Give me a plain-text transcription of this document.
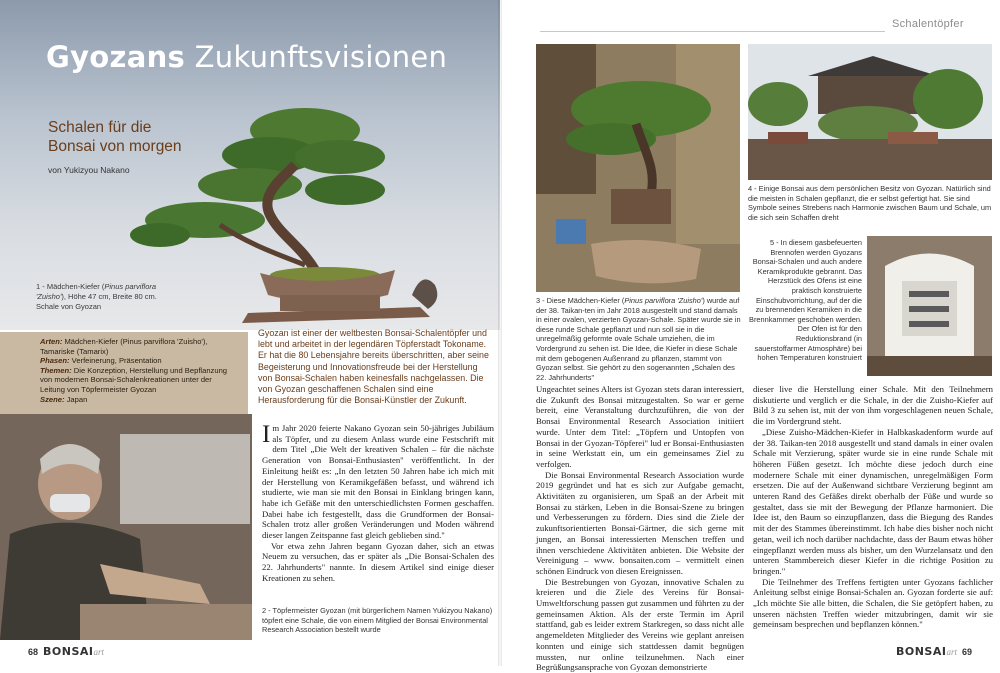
Gyozans Zukunftsvisionen
Schalen für die
Bonsai von morgen
von Yukizyou Nakano
1 - Mädchen-Kiefer (Pinus parviflora 'Zuisho'), Höhe 47 cm, Breite 80 cm. Schale von Gyozan
Arten: Mädchen-Kiefer (Pinus parviflora 'Zuisho'), Tamariske (Tamarix)
Phasen: Verfeinerung, Präsentation
Themen: Die Konzeption, Herstellung und Bepflanzung von modernen Bonsai-Schalenkreationen unter der Leitung von Töpfermeister Gyozan
Szene: Japan
Gyozan ist einer der weltbesten Bonsai-Schalentöpfer und lebt und arbeitet in der legendären Töpferstadt Tokoname. Er hat die 80 Lebensjahre bereits überschritten, aber seine Begeisterung und Innovationsfreude bei der Herstellung von Bonsai-Schalen haben keinesfalls nachgelassen. Die von Gyozan geschaffenen Schalen sind eine Herausforderung für die Bonsai-Künstler der Zukunft.

Im Jahr 2020 feierte Nakano Gyozan sein 50-jähriges Jubiläum als Töpfer, und zu diesem Anlass wurde eine Festschrift mit dem Titel „Die Welt der kreativen Schalen – für die nächste Generation von Bonsai-Enthusiasten" veröffentlicht. In der Einleitung heißt es: „In den letzten 50 Jahren habe ich mich mit der Herstellung von Keramikgefäßen befasst, und während ich studierte, wie man sie mit den Bonsai in Einklang bringen kann, habe ich Gefäße mit den unterschiedlichsten Formen geschaffen. Dabei habe ich festgestellt, dass die Grundformen der Bonsai-Schalen trotz aller großen Veränderungen und Moden während dieser langen Zeitspanne fast gleich geblieben sind."

Vor etwa zehn Jahren begann Gyozan daher, sich an etwas Neuem zu versuchen, das er später als „Die Bonsai-Schalen des 22. Jahrhunderts" nannte. In diesem Artikel sind einige dieser Kreationen zu sehen.

2 - Töpfermeister Gyozan (mit bürgerlichem Namen Yukizyou Nakano) töpfert eine Schale, die von einem Mitglied der Bonsai Environmental Research Association bestellt wurde
68 BONSAIart
Schalentöpfer
3 - Diese Mädchen-Kiefer (Pinus parviflora 'Zuisho') wurde auf der 38. Taikan-ten im Jahr 2018 ausgestellt und stand damals in einer ovalen, verzierten Gyozan-Schale. Später wurde sie in diese runde Schale gepflanzt und nun soll sie in die unregelmäßig geformte ovale Schale umziehen, die im Vordergrund zu sehen ist. Die Idee, die Kiefer in diese Schale mit dem gebogenen Außenrand zu pflanzen, stammt von Gyozan selbst. Sie gehört zu den sogenannten „Schalen des 22. Jahrhunderts"
4 - Einige Bonsai aus dem persönlichen Besitz von Gyozan. Natürlich sind die meisten in Schalen gepflanzt, die er selbst gefertigt hat. Sie sind Symbole seines Strebens nach Harmonie zwischen Baum und Schale, um die sich sein Schaffen dreht
5 - In diesem gasbefeuerten Brennofen werden Gyozans Bonsai-Schalen und auch andere Keramikprodukte gebrannt. Das Herzstück des Ofens ist eine praktisch konstruierte Einschubvorrichtung, auf der die zu brennenden Keramiken in die Brennkammer geschoben werden. Der Ofen ist für den Reduktionsbrand (in sauerstoffarmer Atmosphäre) bei hohen Temperaturen konstruiert

Ungeachtet seines Alters ist Gyozan stets daran interessiert, die Zukunft des Bonsai mitzugestalten. So war er gerne bereit, eine Veranstaltung durchzuführen, die von der Bonsai Environmental Research Association initiiert wurde. Unter dem Titel: „Töpfern und Untopfen von Bonsai in der Gyozan-Töpferei" lud er Bonsai-Enthusiasten in seine Werkstatt ein, um ein gemeinsames Ziel zu verfolgen.

Die Bonsai Environmental Research Association wurde 2019 gegründet und hat es sich zur Aufgabe gemacht, Aktivitäten zu organisieren, um Spaß an der Arbeit mit Bonsai zu stärken, Leben in die Bonsai-Szene zu bringen und Verbesserungen zu fördern. Dies sind die Ziele der zukunftsorientierten Bonsai-Gärtner, die sich gerne mit jungen, an Bonsai interessierten Menschen treffen und ihnen verschiedene Aktivitäten anbieten. Die Website der Vereinigung – www. bonsaiten.com – vermittelt einen schönen Eindruck von diesen Ereignissen.

Die Bestrebungen von Gyozan, innovative Schalen zu kreieren und die Ziele des Vereins für Bonsai-Umweltforschung passen gut zusammen und führten zu der gemeinsamen Aktion. Als der erste Termin im April stattfand, gab es leider extrem Starkregen, so dass nicht alle angemeldeten Mitglieder des Vereins wie geplant anreisen konnten und einige sich stattdessen damit begnügen mussten, nur online teilzunehmen. Nach einer Begrüßungsansprache von Gyozan demonstrierte

dieser live die Herstellung einer Schale. Mit den Teilnehmern diskutierte und verglich er die Schale, in der die Zuisho-Kiefer auf Bild 3 zu sehen ist, mit der von ihm vorgeschlagenen neuen Schale, die im Vordergrund steht.

„Diese Zuisho-Mädchen-Kiefer in Halbkaskadenform wurde auf der 38. Taikan-ten 2018 ausgestellt und stand damals in einer ovalen Schale mit Verzierung, später wurde sie in eine runde Schale mit höheren Füßen gesetzt. Ich möchte diese jedoch durch eine modernere Schale mit einer dynamischen, unregelmäßigen Form ersetzen. Die auf der Außenwand sichtbare Verzierung beginnt am unteren Rand des Gefäßes direkt oberhalb der Füße und wurde so gestaltet, dass sie mit der Bewegung der Pflanze harmoniert. Die Idee ist, den Baum so einzupflanzen, dass die Biegung des Randes mit der des Stammes übereinstimmt. Ich habe dies bisher noch nicht getan, weil ich noch darüber nachdachte, dass der Baum etwas höher eingepflanzt werden muss als bisher, um den Wurzelansatz und den unteren Stammbereich dieser Kiefer in die richtige Position zu bringen."

Die Teilnehmer des Treffens fertigten unter Gyozans fachlicher Anleitung selbst einige Bonsai-Schalen an. Gyozan forderte sie auf: „Ich möchte Sie alle bitten, die Schalen, die Sie getöpfert haben, zu unseren nächsten Treffen wieder mitzubringen, damit wir sie gemeinsam besprechen und bepflanzen können."

BONSAIart 69
